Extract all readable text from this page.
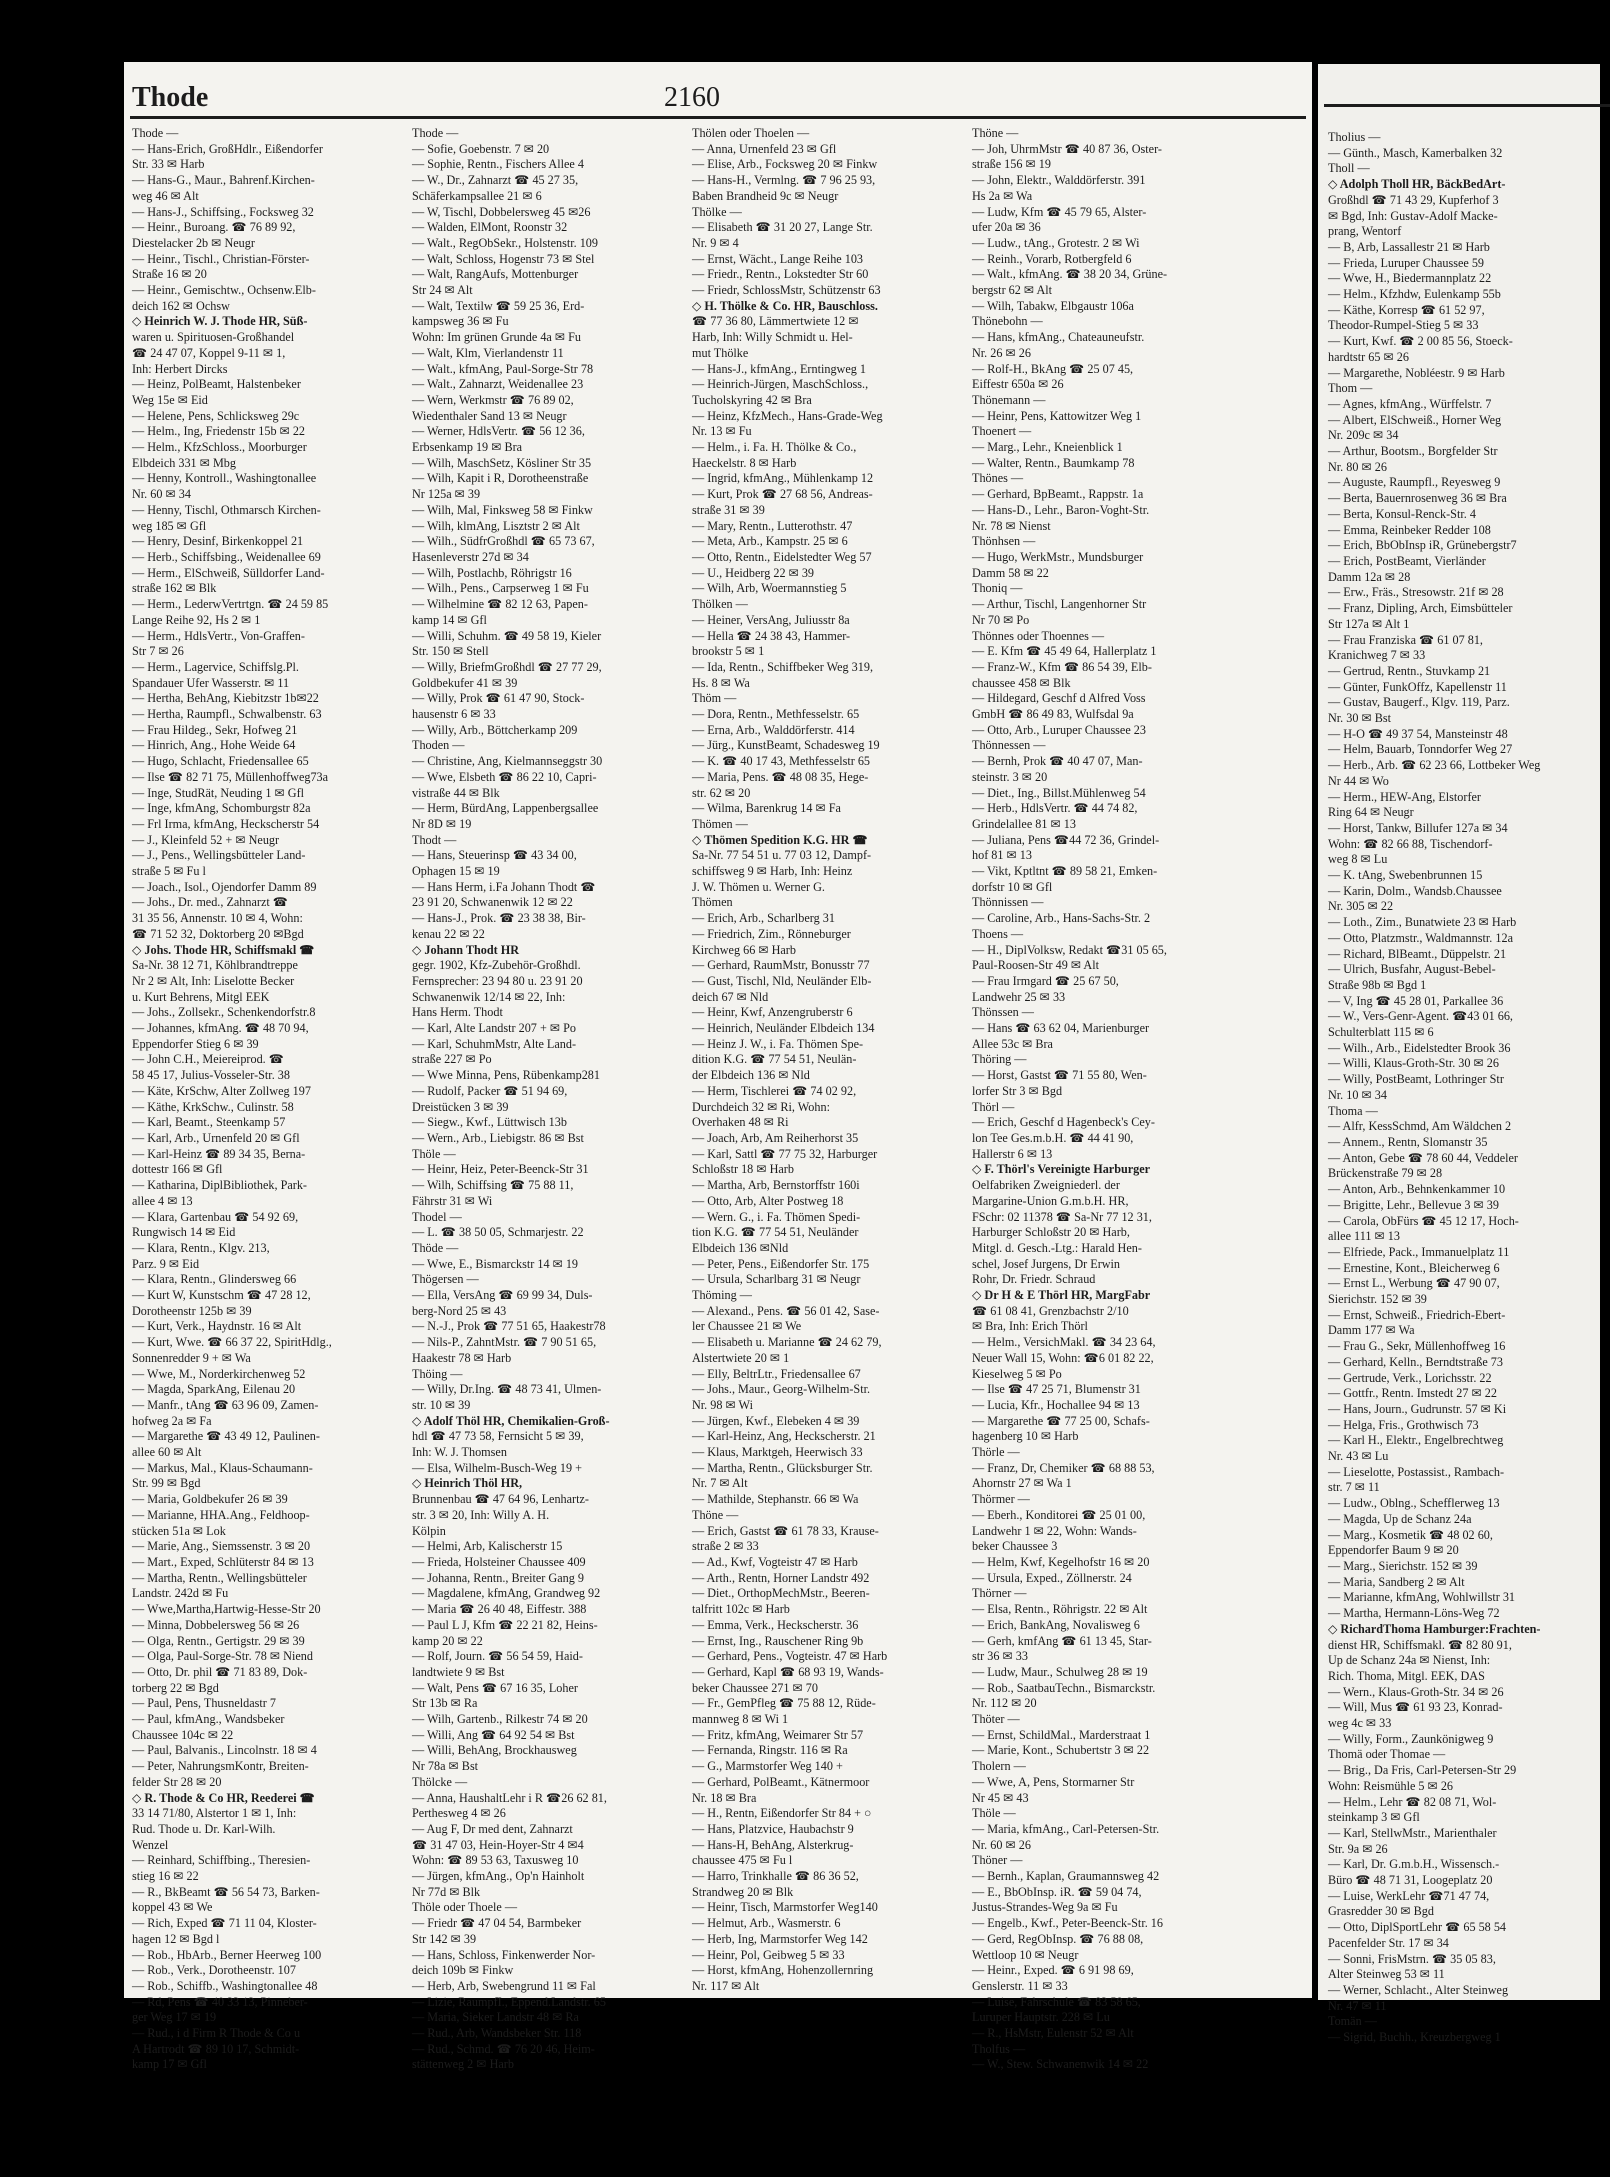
Thode	2160
Thode —
— Hans-Erich, GroßHdlr., Eißendorfer
Str. 33 ✉ Harb
— Hans-G., Maur., Bahrenf.Kirchen-
weg 46 ✉ Alt
— Hans-J., Schiffsing., Focksweg 32
— Heinr., Buroang. ☎ 76 89 92,
Diestelacker 2b ✉ Neugr
— Heinr., Tischl., Christian-Förster-
Straße 16 ✉ 20
— Heinr., Gemischtw., Ochsenw.Elb-
deich 162 ✉ Ochsw
◇ Heinrich W. J. Thode HR, Süß-
waren u. Spirituosen-Großhandel
☎ 24 47 07, Koppel 9-11 ✉ 1,
Inh: Herbert Dircks
— Heinz, PolBeamt, Halstenbeker
Weg 15e ✉ Eid
— Helene, Pens, Schlicksweg 29c
— Helm., Ing, Friedenstr 15b ✉ 22
— Helm., KfzSchloss., Moorburger
Elbdeich 331 ✉ Mbg
— Henny, Kontroll., Washingtonallee
Nr. 60 ✉ 34
— Henny, Tischl, Othmarsch Kirchen-
weg 185 ✉ Gfl
— Henry, Desinf, Birkenkoppel 21
— Herb., Schiffsbing., Weidenallee 69
— Herm., ElSchweiß, Sülldorfer Land-
straße 162 ✉ Blk
— Herm., LederwVertrtgn. ☎ 24 59 85
Lange Reihe 92, Hs 2 ✉ 1
— Herm., HdlsVertr., Von-Graffen-
Str 7 ✉ 26
— Herm., Lagervice, Schiffslg.Pl.
Spandauer Ufer Wasserstr. ✉ 11
— Hertha, BehAng, Kiebitzstr 1b✉22
— Hertha, Raumpfl., Schwalbenstr. 63
— Frau Hildeg., Sekr, Hofweg 21
— Hinrich, Ang., Hohe Weide 64
— Hugo, Schlacht, Friedensallee 65
— Ilse ☎ 82 71 75, Müllenhoffweg73a
— Inge, StudRät, Neuding 1 ✉ Gfl
— Inge, kfmAng, Schomburgstr 82a
— Frl Irma, kfmAng, Heckscherstr 54
— J., Kleinfeld 52 + ✉ Neugr
— J., Pens., Wellingsbütteler Land-
straße 5 ✉ Fu l
— Joach., Isol., Ojendorfer Damm 89
— Johs., Dr. med., Zahnarzt ☎
31 35 56, Annenstr. 10 ✉ 4, Wohn:
☎ 71 52 32, Doktorberg 20 ✉Bgd
◇ Johs. Thode HR, Schiffsmakl ☎
Sa-Nr. 38 12 71, Köhlbrandtreppe
Nr 2 ✉ Alt, Inh: Liselotte Becker
u. Kurt Behrens, Mitgl EEK
— Johs., Zollsekr., Schenkendorfstr.8
— Johannes, kfmAng. ☎ 48 70 94,
Eppendorfer Stieg 6 ✉ 39
— John C.H., Meiereiprod. ☎
58 45 17, Julius-Vosseler-Str. 38
— Käte, KrSchw, Alter Zollweg 197
— Käthe, KrkSchw., Culinstr. 58
— Karl, Beamt., Steenkamp 57
— Karl, Arb., Urnenfeld 20 ✉ Gfl
— Karl-Heinz ☎ 89 34 35, Berna-
dottestr 166 ✉ Gfl
— Katharina, DiplBibliothek, Park-
allee 4 ✉ 13
— Klara, Gartenbau ☎ 54 92 69,
Rungwisch 14 ✉ Eid
— Klara, Rentn., Klgv. 213,
Parz. 9 ✉ Eid
— Klara, Rentn., Glindersweg 66
— Kurt W, Kunstschm ☎ 47 28 12,
Dorotheenstr 125b ✉ 39
— Kurt, Verk., Haydnstr. 16 ✉ Alt
— Kurt, Wwe. ☎ 66 37 22, SpiritHdlg.,
Sonnenredder 9 + ✉ Wa
— Wwe, M., Norderkirchenweg 52
— Magda, SparkAng, Eilenau 20
— Manfr., tAng ☎ 63 96 09, Zamen-
hofweg 2a ✉ Fa
— Margarethe ☎ 43 49 12, Paulinen-
allee 60 ✉ Alt
— Markus, Mal., Klaus-Schaumann-
Str. 99 ✉ Bgd
— Maria, Goldbekufer 26 ✉ 39
— Marianne, HHA.Ang., Feldhoop-
stücken 51a ✉ Lok
— Marie, Ang., Siemssenstr. 3 ✉ 20
— Mart., Exped, Schlüterstr 84 ✉ 13
— Martha, Rentn., Wellingsbütteler
Landstr. 242d ✉ Fu
— Wwe,Martha,Hartwig-Hesse-Str 20
— Minna, Dobbelersweg 56 ✉ 26
— Olga, Rentn., Gertigstr. 29 ✉ 39
— Olga, Paul-Sorge-Str. 78 ✉ Niend
— Otto, Dr. phil ☎ 71 83 89, Dok-
torberg 22 ✉ Bgd
— Paul, Pens, Thusneldastr 7
— Paul, kfmAng., Wandsbeker
Chaussee 104c ✉ 22
— Paul, Balvanis., Lincolnstr. 18 ✉ 4
— Peter, NahrungsmKontr, Breiten-
felder Str 28 ✉ 20
◇ R. Thode & Co HR, Reederei ☎
33 14 71/80, Alstertor 1 ✉ 1, Inh:
Rud. Thode u. Dr. Karl-Wilh.
Wenzel
— Reinhard, Schiffbing., Theresien-
stieg 16 ✉ 22
— R., BkBeamt ☎ 56 54 73, Barken-
koppel 43 ✉ We
— Rich, Exped ☎ 71 11 04, Kloster-
hagen 12 ✉ Bgd l
— Rob., HbArb., Berner Heerweg 100
— Rob., Verk., Dorotheenstr. 107
— Rob., Schiffb., Washingtonallee 48
— Rd, Pens ☎ 40 33 13, Pinneber-
ger Weg 17 ✉ 19
— Rud., i d Firm R Thode & Co u
A Hartrodt ☎ 89 10 17, Schmidt-
kamp 17 ✉ Gfl
Thode —
— Sofie, Goebenstr. 7 ✉ 20
— Sophie, Rentn., Fischers Allee 4
— W., Dr., Zahnarzt ☎ 45 27 35,
Schäferkampsallee 21 ✉ 6
— W, Tischl, Dobbelersweg 45 ✉26
— Walden, ElMont, Roonstr 32
— Walt., RegObSekr., Holstenstr. 109
— Walt, Schloss, Hogenstr 73 ✉ Stel
— Walt, RangAufs, Mottenburger
Str 24 ✉ Alt
— Walt, Textilw ☎ 59 25 36, Erd-
kampsweg 36 ✉ Fu
Wohn: Im grünen Grunde 4a ✉ Fu
— Walt, Klm, Vierlandenstr 11
— Walt., kfmAng, Paul-Sorge-Str 78
— Walt., Zahnarzt, Weidenallee 23
— Wern, Werkmstr ☎ 76 89 02,
Wiedenthaler Sand 13 ✉ Neugr
— Werner, HdlsVertr. ☎ 56 12 36,
Erbsenkamp 19 ✉ Bra
— Wilh, MaschSetz, Kösliner Str 35
— Wilh, Kapit i R, Dorotheenstraße
Nr 125a ✉ 39
— Wilh, Mal, Finksweg 58 ✉ Finkw
— Wilh, klmAng, Lisztstr 2 ✉ Alt
— Wilh., SüdfrGroßhdl ☎ 65 73 67,
Hasenleverstr 27d ✉ 34
— Wilh, Postlachb, Röhrigstr 16
— Wilh., Pens., Carpserweg 1 ✉ Fu
— Wilhelmine ☎ 82 12 63, Papen-
kamp 14 ✉ Gfl
— Willi, Schuhm. ☎ 49 58 19, Kieler
Str. 150 ✉ Stell
— Willy, BriefmGroßhdl ☎ 27 77 29,
Goldbekufer 41 ✉ 39
— Willy, Prok ☎ 61 47 90, Stock-
hausenstr 6 ✉ 33
— Willy, Arb., Böttcherkamp 209
Thoden —
— Christine, Ang, Kielmannseggstr 30
— Wwe, Elsbeth ☎ 86 22 10, Capri-
vistraße 44 ✉ Blk
— Herm, BürdAng, Lappenbergsallee
Nr 8D ✉ 19
Thodt —
— Hans, Steuerinsp ☎ 43 34 00,
Ophagen 15 ✉ 19
— Hans Herm, i.Fa Johann Thodt ☎
23 91 20, Schwanenwik 12 ✉ 22
— Hans-J., Prok. ☎ 23 38 38, Bir-
kenau 22 ✉ 22
◇ Johann Thodt HR
gegr. 1902, Kfz-Zubehör-Großhdl.
Fernsprecher: 23 94 80 u. 23 91 20
Schwanenwik 12/14 ✉ 22, Inh:
Hans Herm. Thodt
— Karl, Alte Landstr 207 + ✉ Po
— Karl, SchuhmMstr, Alte Land-
straße 227 ✉ Po
— Wwe Minna, Pens, Rübenkamp281
— Rudolf, Packer ☎ 51 94 69,
Dreistücken 3 ✉ 39
— Siegw., Kwf., Lüttwisch 13b
— Wern., Arb., Liebigstr. 86 ✉ Bst
Thöle —
— Heinr, Heiz, Peter-Beenck-Str 31
— Wilh, Schiffsing ☎ 75 88 11,
Fährstr 31 ✉ Wi
Thodel —
— L. ☎ 38 50 05, Schmarjestr. 22
Thöde —
— Wwe, E., Bismarckstr 14 ✉ 19
Thögersen —
— Ella, VersAng ☎ 69 99 34, Duls-
berg-Nord 25 ✉ 43
— N.-J., Prok ☎ 77 51 65, Haakestr78
— Nils-P., ZahntMstr. ☎ 7 90 51 65,
Haakestr 78 ✉ Harb
Thöing —
— Willy, Dr.Ing. ☎ 48 73 41, Ulmen-
str. 10 ✉ 39
◇ Adolf Thöl HR, Chemikalien-Groß-
hdl ☎ 47 73 58, Fernsicht 5 ✉ 39,
Inh: W. J. Thomsen
— Elsa, Wilhelm-Busch-Weg 19 +
◇ Heinrich Thöl HR,
Brunnenbau ☎ 47 64 96, Lenhartz-
str. 3 ✉ 20, Inh: Willy A. H.
Kölpin
— Helmi, Arb, Kalischerstr 15
— Frieda, Holsteiner Chaussee 409
— Johanna, Rentn., Breiter Gang 9
— Magdalene, kfmAng, Grandweg 92
— Maria ☎ 26 40 48, Eiffestr. 388
— Paul L J, Kfm ☎ 22 21 82, Heins-
kamp 20 ✉ 22
— Rolf, Journ. ☎ 56 54 59, Haid-
landtwiete 9 ✉ Bst
— Walt, Pens ☎ 67 16 35, Loher
Str 13b ✉ Ra
— Wilh, Gartenb., Rilkestr 74 ✉ 20
— Willi, Ang ☎ 64 92 54 ✉ Bst
— Willi, BehAng, Brockhausweg
Nr 78a ✉ Bst
Thölcke —
— Anna, HaushaltLehr i R ☎26 62 81,
Perthesweg 4 ✉ 26
— Aug F, Dr med dent, Zahnarzt
☎ 31 47 03, Hein-Hoyer-Str 4 ✉4
Wohn: ☎ 89 53 63, Taxusweg 10
— Jürgen, kfmAng., Op'n Hainholt
Nr 77d ✉ Blk
Thöle oder Thoele —
— Friedr ☎ 47 04 54, Barmbeker
Str 142 ✉ 39
— Hans, Schloss, Finkenwerder Nor-
deich 109b ✉ Finkw
— Herb, Arb, Swebengrund 11 ✉ Fal
— Lizie, RaumpfI., Eppend.Landstr. 65
— Maria, Sieker Landstr 48 ✉ Ra
— Rud., Arb, Wandsbeker Str. 118
— Rud., Schmd. ☎ 76 20 46, Heim-
stättenweg 2 ✉ Harb
Thölen oder Thoelen —
— Anna, Urnenfeld 23 ✉ Gfl
— Elise, Arb., Focksweg 20 ✉ Finkw
— Hans-H., Vermlng. ☎ 7 96 25 93,
Baben Brandheid 9c ✉ Neugr
Thölke —
— Elisabeth ☎ 31 20 27, Lange Str.
Nr. 9 ✉ 4
— Ernst, Wächt., Lange Reihe 103
— Friedr., Rentn., Lokstedter Str 60
— Friedr, SchlossMstr, Schützenstr 63
◇ H. Thölke & Co. HR, Bauschloss.
☎ 77 36 80, Lämmertwiete 12 ✉
Harb, Inh: Willy Schmidt u. Hel-
mut Thölke
— Hans-J., kfmAng., Erntingweg 1
— Heinrich-Jürgen, MaschSchloss.,
Tucholskyring 42 ✉ Bra
— Heinz, KfzMech., Hans-Grade-Weg
Nr. 13 ✉ Fu
— Helm., i. Fa. H. Thölke & Co.,
Haeckelstr. 8 ✉ Harb
— Ingrid, kfmAng., Mühlenkamp 12
— Kurt, Prok ☎ 27 68 56, Andreas-
straße 31 ✉ 39
— Mary, Rentn., Lutterothstr. 47
— Meta, Arb., Kampstr. 25 ✉ 6
— Otto, Rentn., Eidelstedter Weg 57
— U., Heidberg 22 ✉ 39
— Wilh, Arb, Woermannstieg 5
Thölken —
— Heiner, VersAng, Juliusstr 8a
— Hella ☎ 24 38 43, Hammer-
brookstr 5 ✉ 1
— Ida, Rentn., Schiffbeker Weg 319,
Hs. 8 ✉ Wa
Thöm —
— Dora, Rentn., Methfesselstr. 65
— Erna, Arb., Walddörferstr. 414
— Jürg., KunstBeamt, Schadesweg 19
— K. ☎ 40 17 43, Methfesselstr 65
— Maria, Pens. ☎ 48 08 35, Hege-
str. 62 ✉ 20
— Wilma, Barenkrug 14 ✉ Fa
Thömen —
◇ Thömen Spedition K.G. HR ☎
Sa-Nr. 77 54 51 u. 77 03 12, Dampf-
schiffsweg 9 ✉ Harb, Inh: Heinz
J. W. Thömen u. Werner G.
Thömen
— Erich, Arb., Scharlberg 31
— Friedrich, Zim., Rönneburger
Kirchweg 66 ✉ Harb
— Gerhard, RaumMstr, Bonusstr 77
— Gust, Tischl, Nld, Neuländer Elb-
deich 67 ✉ Nld
— Heinr, Kwf, Anzengruberstr 6
— Heinrich, Neuländer Elbdeich 134
— Heinz J. W., i. Fa. Thömen Spe-
dition K.G. ☎ 77 54 51, Neulän-
der Elbdeich 136 ✉ Nld
— Herm, Tischlerei ☎ 74 02 92,
Durchdeich 32 ✉ Ri, Wohn:
Overhaken 48 ✉ Ri
— Joach, Arb, Am Reiherhorst 35
— Karl, Sattl ☎ 77 75 32, Harburger
Schloßstr 18 ✉ Harb
— Martha, Arb, Bernstorffstr 160i
— Otto, Arb, Alter Postweg 18
— Wern. G., i. Fa. Thömen Spedi-
tion K.G. ☎ 77 54 51, Neuländer
Elbdeich 136 ✉Nld
— Peter, Pens., Eißendorfer Str. 175
— Ursula, Scharlbarg 31 ✉ Neugr
Thöming —
— Alexand., Pens. ☎ 56 01 42, Sase-
ler Chaussee 21 ✉ We
— Elisabeth u. Marianne ☎ 24 62 79,
Alstertwiete 20 ✉ 1
— Elly, BeltrLtr., Friedensallee 67
— Johs., Maur., Georg-Wilhelm-Str.
Nr. 98 ✉ Wi
— Jürgen, Kwf., Elebeken 4 ✉ 39
— Karl-Heinz, Ang, Heckscherstr. 21
— Klaus, Marktgeh, Heerwisch 33
— Martha, Rentn., Glücksburger Str.
Nr. 7 ✉ Alt
— Mathilde, Stephanstr. 66 ✉ Wa
Thöne —
— Erich, Gastst ☎ 61 78 33, Krause-
straße 2 ✉ 33
— Ad., Kwf, Vogteistr 47 ✉ Harb
— Arth., Rentn, Horner Landstr 492
— Diet., OrthopMechMstr., Beeren-
talfritt 102c ✉ Harb
— Emma, Verk., Heckscherstr. 36
— Ernst, Ing., Rauschener Ring 9b
— Gerhard, Pens., Vogteistr. 47 ✉ Harb
— Gerhard, Kapl ☎ 68 93 19, Wands-
beker Chaussee 271 ✉ 70
— Fr., GemPfleg ☎ 75 88 12, Rüde-
mannweg 8 ✉ Wi 1
— Fritz, kfmAng, Weimarer Str 57
— Fernanda, Ringstr. 116 ✉ Ra
— G., Marmstorfer Weg 140 +
— Gerhard, PolBeamt., Kätnermoor
Nr. 18 ✉ Bra
— H., Rentn, Eißendorfer Str 84 + ○
— Hans, Platzvice, Haubachstr 9
— Hans-H, BehAng, Alsterkrug-
chaussee 475 ✉ Fu l
— Harro, Trinkhalle ☎ 86 36 52,
Strandweg 20 ✉ Blk
— Heinr, Tisch, Marmstorfer Weg140
— Helmut, Arb., Wasmerstr. 6
— Herb, Ing, Marmstorfer Weg 142
— Heinr, Pol, Geibweg 5 ✉ 33
— Horst, kfmAng, Hohenzollernring
Nr. 117 ✉ Alt
Thöne —
— Joh, UhrmMstr ☎ 40 87 36, Oster-
straße 156 ✉ 19
— John, Elektr., Walddörferstr. 391
Hs 2a ✉ Wa
— Ludw, Kfm ☎ 45 79 65, Alster-
ufer 20a ✉ 36
— Ludw., tAng., Grotestr. 2 ✉ Wi
— Reinh., Vorarb, Rotbergfeld 6
— Walt., kfmAng. ☎ 38 20 34, Grüne-
bergstr 62 ✉ Alt
— Wilh, Tabakw, Elbgaustr 106a
Thönebohn —
— Hans, kfmAng., Chateauneufstr.
Nr. 26 ✉ 26
— Rolf-H., BkAng ☎ 25 07 45,
Eiffestr 650a ✉ 26
Thönemann —
— Heinr, Pens, Kattowitzer Weg 1
Thoenert —
— Marg., Lehr., Kneienblick 1
— Walter, Rentn., Baumkamp 78
Thönes —
— Gerhard, BpBeamt., Rappstr. 1a
— Hans-D., Lehr., Baron-Voght-Str.
Nr. 78 ✉ Nienst
Thönhsen —
— Hugo, WerkMstr., Mundsburger
Damm 58 ✉ 22
Thoniq —
— Arthur, Tischl, Langenhorner Str
Nr 70 ✉ Po
Thönnes oder Thoennes —
— E. Kfm ☎ 45 49 64, Hallerplatz 1
— Franz-W., Kfm ☎ 86 54 39, Elb-
chaussee 458 ✉ Blk
— Hildegard, Geschf d Alfred Voss
GmbH ☎ 86 49 83, Wulfsdal 9a
— Otto, Arb., Luruper Chaussee 23
Thönnessen —
— Bernh, Prok ☎ 40 47 07, Man-
steinstr. 3 ✉ 20
— Diet., Ing., Billst.Mühlenweg 54
— Herb., HdlsVertr. ☎ 44 74 82,
Grindelallee 81 ✉ 13
— Juliana, Pens ☎44 72 36, Grindel-
hof 81 ✉ 13
— Vikt, Kptltnt ☎ 89 58 21, Emken-
dorfstr 10 ✉ Gfl
Thönnissen —
— Caroline, Arb., Hans-Sachs-Str. 2
Thoens —
— H., DiplVolksw, Redakt ☎31 05 65,
Paul-Roosen-Str 49 ✉ Alt
— Frau Irmgard ☎ 25 67 50,
Landwehr 25 ✉ 33
Thönssen —
— Hans ☎ 63 62 04, Marienburger
Allee 53c ✉ Bra
Thöring —
— Horst, Gastst ☎ 71 55 80, Wen-
lorfer Str 3 ✉ Bgd
Thörl —
— Erich, Geschf d Hagenbeck's Cey-
lon Tee Ges.m.b.H. ☎ 44 41 90,
Hallerstr 6 ✉ 13
◇ F. Thörl's Vereinigte Harburger
Oelfabriken Zweigniederl. der
Margarine-Union G.m.b.H. HR,
FSchr: 02 11378 ☎ Sa-Nr 77 12 31,
Harburger Schloßstr 20 ✉ Harb,
Mitgl. d. Gesch.-Ltg.: Harald Hen-
schel, Josef Jurgens, Dr Erwin
Rohr, Dr. Friedr. Schraud
◇ Dr H & E Thörl HR, MargFabr
☎ 61 08 41, Grenzbachstr 2/10
✉ Bra, Inh: Erich Thörl
— Helm., VersichMakl. ☎ 34 23 64,
Neuer Wall 15, Wohn: ☎6 01 82 22,
Kieselweg 5 ✉ Po
— Ilse ☎ 47 25 71, Blumenstr 31
— Lucia, Kfr., Hochallee 94 ✉ 13
— Margarethe ☎ 77 25 00, Schafs-
hagenberg 10 ✉ Harb
Thörle —
— Franz, Dr, Chemiker ☎ 68 88 53,
Ahornstr 27 ✉ Wa 1
Thörmer —
— Eberh., Konditorei ☎ 25 01 00,
Landwehr 1 ✉ 22, Wohn: Wands-
beker Chaussee 3
— Helm, Kwf, Kegelhofstr 16 ✉ 20
— Ursula, Exped., Zöllnerstr. 24
Thörner —
— Elsa, Rentn., Röhrigstr. 22 ✉ Alt
— Erich, BankAng, Novalisweg 6
— Gerh, kmfAng ☎ 61 13 45, Star-
str 36 ✉ 33
— Ludw, Maur., Schulweg 28 ✉ 19
— Rob., SaatbauTechn., Bismarckstr.
Nr. 112 ✉ 20
Thöter —
— Ernst, SchildMal., Marderstraat 1
— Marie, Kont., Schubertstr 3 ✉ 22
Tholern —
— Wwe, A, Pens, Stormarner Str
Nr 45 ✉ 43
Thöle —
— Maria, kfmAng., Carl-Petersen-Str.
Nr. 60 ✉ 26
Thöner —
— Bernh., Kaplan, Graumannsweg 42
— E., BbObInsp. iR. ☎ 59 04 74,
Justus-Strandes-Weg 9a ✉ Fu
— Engelb., Kwf., Peter-Beenck-Str. 16
— Gerd, RegObInsp. ☎ 76 88 08,
Wettloop 10 ✉ Neugr
— Heinr., Exped. ☎ 6 91 98 69,
Genslerstr. 11 ✉ 33
— Luise, Fahrschule ☎ 83 58 65,
Luruper Hauptstr. 228 ✉ Lu
— R., HsMstr, Eulenstr 52 ✉ Alt
Tholfus —
— W., Stew. Schwanenwik 14 ✉ 22
Tholius —
— Günth., Masch, Kamerbalken 32
Tholl —
◇ Adolph Tholl HR, BäckBedArt-
Großhdl ☎ 71 43 29, Kupferhof 3
✉ Bgd, Inh: Gustav-Adolf Macke-
prang, Wentorf
— B, Arb, Lassallestr 21 ✉ Harb
— Frieda, Luruper Chaussee 59
— Wwe, H., Biedermannplatz 22
— Helm., Kfzhdw, Eulenkamp 55b
— Käthe, Korresp ☎ 61 52 97,
Theodor-Rumpel-Stieg 5 ✉ 33
— Kurt, Kwf. ☎ 2 00 85 56, Stoeck-
hardtstr 65 ✉ 26
— Margarethe, Nobléestr. 9 ✉ Harb
Thom —
— Agnes, kfmAng., Würffelstr. 7
— Albert, ElSchweiß., Horner Weg
Nr. 209c ✉ 34
— Arthur, Bootsm., Borgfelder Str
Nr. 80 ✉ 26
— Auguste, Raumpfl., Reyesweg 9
— Berta, Bauernrosenweg 36 ✉ Bra
— Berta, Konsul-Renck-Str. 4
— Emma, Reinbeker Redder 108
— Erich, BbObInsp iR, Grünebergstr7
— Erich, PostBeamt, Vierländer
Damm 12a ✉ 28
— Erw., Fräs., Stresowstr. 21f ✉ 28
— Franz, Dipling, Arch, Eimsbütteler
Str 127a ✉ Alt 1
— Frau Franziska ☎ 61 07 81,
Kranichweg 7 ✉ 33
— Gertrud, Rentn., Stuvkamp 21
— Günter, FunkOffz, Kapellenstr 11
— Gustav, Baugerf., Klgv. 119, Parz.
Nr. 30 ✉ Bst
— H-O ☎ 49 37 54, Mansteinstr 48
— Helm, Bauarb, Tonndorfer Weg 27
— Herb., Arb. ☎ 62 23 66, Lottbeker Weg
Nr 44 ✉ Wo
— Herm., HEW-Ang, Elstorfer
Ring 64 ✉ Neugr
— Horst, Tankw, Billufer 127a ✉ 34
Wohn: ☎ 82 66 88, Tischendorf-
weg 8 ✉ Lu
— K. tAng, Swebenbrunnen 15
— Karin, Dolm., Wandsb.Chaussee
Nr. 305 ✉ 22
— Loth., Zim., Bunatwiete 23 ✉ Harb
— Otto, Platzmstr., Waldmannstr. 12a
— Richard, BlBeamt., Düppelstr. 21
— Ulrich, Busfahr, August-Bebel-
Straße 98b ✉ Bgd 1
— V, Ing ☎ 45 28 01, Parkallee 36
— W., Vers-Genr-Agent. ☎43 01 66,
Schulterblatt 115 ✉ 6
— Wilh., Arb., Eidelstedter Brook 36
— Willi, Klaus-Groth-Str. 30 ✉ 26
— Willy, PostBeamt, Lothringer Str
Nr. 10 ✉ 34
Thoma —
— Alfr, KessSchmd, Am Wäldchen 2
— Annem., Rentn, Slomanstr 35
— Anton, Gebe ☎ 78 60 44, Veddeler
Brückenstraße 79 ✉ 28
— Anton, Arb., Behnkenkammer 10
— Brigitte, Lehr., Bellevue 3 ✉ 39
— Carola, ObFürs ☎ 45 12 17, Hoch-
allee 111 ✉ 13
— Elfriede, Pack., Immanuelplatz 11
— Ernestine, Kont., Bleicherweg 6
— Ernst L., Werbung ☎ 47 90 07,
Sierichstr. 152 ✉ 39
— Ernst, Schweiß., Friedrich-Ebert-
Damm 177 ✉ Wa
— Frau G., Sekr, Müllenhoffweg 16
— Gerhard, Kelln., Berndtstraße 73
— Gertrude, Verk., Lorichsstr. 22
— Gottfr., Rentn. Imstedt 27 ✉ 22
— Hans, Journ., Gudrunstr. 57 ✉ Ki
— Helga, Fris., Grothwisch 73
— Karl H., Elektr., Engelbrechtweg
Nr. 43 ✉ Lu
— Lieselotte, Postassist., Rambach-
str. 7 ✉ 11
— Ludw., Oblng., Schefflerweg 13
— Magda, Up de Schanz 24a
— Marg., Kosmetik ☎ 48 02 60,
Eppendorfer Baum 9 ✉ 20
— Marg., Sierichstr. 152 ✉ 39
— Maria, Sandberg 2 ✉ Alt
— Marianne, kfmAng, Wohlwillstr 31
— Martha, Hermann-Löns-Weg 72
◇ RichardThoma Hamburger:Frachten-
dienst HR, Schiffsmakl. ☎ 82 80 91,
Up de Schanz 24a ✉ Nienst, Inh:
Rich. Thoma, Mitgl. EEK, DAS
— Wern., Klaus-Groth-Str. 34 ✉ 26
— Will, Mus ☎ 61 93 23, Konrad-
weg 4c ✉ 33
— Willy, Form., Zaunkönigweg 9
Thomä oder Thomae —
— Brig., Da Fris, Carl-Petersen-Str 29
Wohn: Reismühle 5 ✉ 26
— Helm., Lehr ☎ 82 08 71, Wol-
steinkamp 3 ✉ Gfl
— Karl, StellwMstr., Marienthaler
Str. 9a ✉ 26
— Karl, Dr. G.m.b.H., Wissensch.-
Büro ☎ 48 71 31, Loogeplatz 20
— Luise, WerkLehr ☎71 47 74,
Grasredder 30 ✉ Bgd
— Otto, DiplSportLehr ☎ 65 58 54
Pacenfelder Str. 17 ✉ 34
— Sonni, FrisMstrn. ☎ 35 05 83,
Alter Steinweg 53 ✉ 11
— Werner, Schlacht., Alter Steinweg
Nr. 47 ✉ 11
Tomän —
— Sigrid, Buchh., Kreuzbergweg 1
